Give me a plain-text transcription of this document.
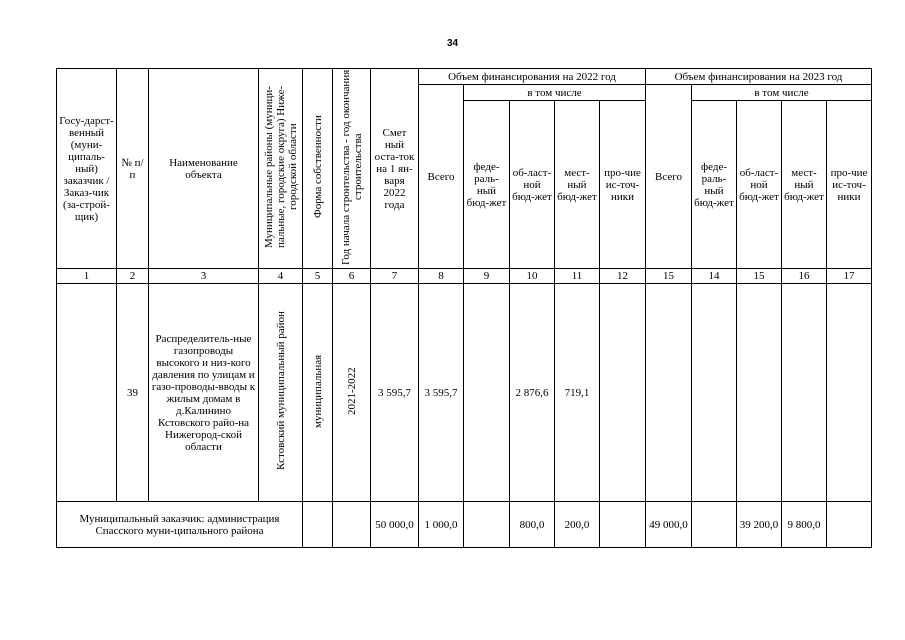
34
Госу-дарст-венный (муни-ципаль-ный) заказчик / Заказ-чик (за-строй-щик)	№ п/п	Наименование объекта	Муниципальные районы (муници-пальные, городские округа) Ниже-городской области	Форма собственности	Год начала строительства - год окончания строительства	Смет ный оста-ток на 1 ян-варя 2022 года	Объем финансирования на 2022 год					Объем финансирования на 2023 год				
							Всего	в том числе				Всего	в том числе			
								феде-раль-ный бюд-жет	об-ласт-ной бюд-жет	мест-ный бюд-жет	про-чие ис-точ-ники		феде-раль-ный бюд-жет	об-ласт-ной бюд-жет	мест-ный бюд-жет	про-чие ис-точ-ники
1	2	3	4	5	6	7	8	9	10	11	12	15	14	15	16	17
	39	Распределитель-ные газопроводы высокого и низ-кого давления по улицам и газо-проводы-вводы к жилым домам в д.Калинино Кстовского райо-на Нижегород-ской области	Кстовский муниципальный район	муниципальная	2021-2022	3 595,7	3 595,7		2 876,6	719,1						
Муниципальный заказчик: администрация Спасского муни-ципального района						50 000,0	1 000,0		800,0	200,0		49 000,0		39 200,0	9 800,0	
